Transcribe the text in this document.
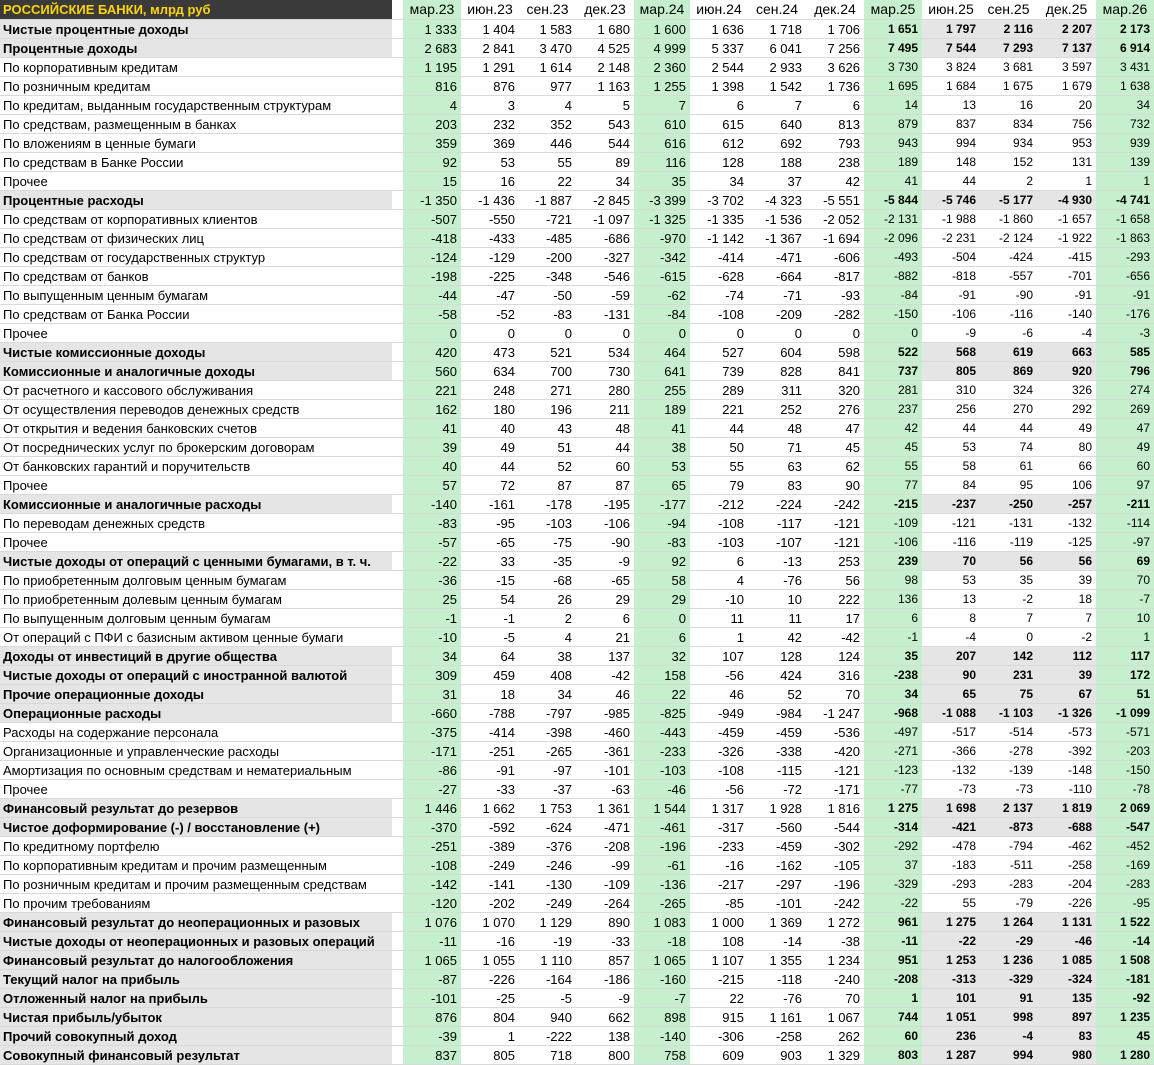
РОССИЙСКИЕ БАНКИ, млрд руб		мар.23	июн.23	сен.23	дек.23	мар.24	июн.24	сен.24	дек.24	мар.25	июн.25	сен.25	дек.25	мар.26
Чистые процентные доходы		1 333	1 404	1 583	1 680	1 600	1 636	1 718	1 706	1 651	1 797	2 116	2 207	2 173
Процентные доходы		2 683	2 841	3 470	4 525	4 999	5 337	6 041	7 256	7 495	7 544	7 293	7 137	6 914
По корпоративным кредитам		1 195	1 291	1 614	2 148	2 360	2 544	2 933	3 626	3 730	3 824	3 681	3 597	3 431
По розничным кредитам		816	876	977	1 163	1 255	1 398	1 542	1 736	1 695	1 684	1 675	1 679	1 638
По кредитам, выданным государственным структурам		4	3	4	5	7	6	7	6	14	13	16	20	34
По средствам, размещенным в банках		203	232	352	543	610	615	640	813	879	837	834	756	732
По вложениям в ценные бумаги		359	369	446	544	616	612	692	793	943	994	934	953	939
По средствам в Банке России		92	53	55	89	116	128	188	238	189	148	152	131	139
Прочее		15	16	22	34	35	34	37	42	41	44	2	1	1
Процентные расходы		-1 350	-1 436	-1 887	-2 845	-3 399	-3 702	-4 323	-5 551	-5 844	-5 746	-5 177	-4 930	-4 741
По средствам от корпоративных клиентов		-507	-550	-721	-1 097	-1 325	-1 335	-1 536	-2 052	-2 131	-1 988	-1 860	-1 657	-1 658
По средствам от физических лиц		-418	-433	-485	-686	-970	-1 142	-1 367	-1 694	-2 096	-2 231	-2 124	-1 922	-1 863
По средствам от государственных структур		-124	-129	-200	-327	-342	-414	-471	-606	-493	-504	-424	-415	-293
По средствам от банков		-198	-225	-348	-546	-615	-628	-664	-817	-882	-818	-557	-701	-656
По выпущенным ценным бумагам		-44	-47	-50	-59	-62	-74	-71	-93	-84	-91	-90	-91	-91
По средствам от Банка России		-58	-52	-83	-131	-84	-108	-209	-282	-150	-106	-116	-140	-176
Прочее		0	0	0	0	0	0	0	0	0	-9	-6	-4	-3
Чистые комиссионные доходы		420	473	521	534	464	527	604	598	522	568	619	663	585
Комиссионные и аналогичные доходы		560	634	700	730	641	739	828	841	737	805	869	920	796
От расчетного и кассового обслуживания		221	248	271	280	255	289	311	320	281	310	324	326	274
От осуществления переводов денежных средств		162	180	196	211	189	221	252	276	237	256	270	292	269
От открытия и ведения банковских счетов		41	40	43	48	41	44	48	47	42	44	44	49	47
От посреднических услуг по брокерским договорам		39	49	51	44	38	50	71	45	45	53	74	80	49
От банковских гарантий и поручительств		40	44	52	60	53	55	63	62	55	58	61	66	60
Прочее		57	72	87	87	65	79	83	90	77	84	95	106	97
Комиссионные и аналогичные расходы		-140	-161	-178	-195	-177	-212	-224	-242	-215	-237	-250	-257	-211
По переводам денежных средств		-83	-95	-103	-106	-94	-108	-117	-121	-109	-121	-131	-132	-114
Прочее		-57	-65	-75	-90	-83	-103	-107	-121	-106	-116	-119	-125	-97
Чистые доходы от операций с ценными бумагами, в т. ч.		-22	33	-35	-9	92	6	-13	253	239	70	56	56	69
По приобретенным долговым ценным бумагам		-36	-15	-68	-65	58	4	-76	56	98	53	35	39	70
По приобретенным долевым ценным бумагам		25	54	26	29	29	-10	10	222	136	13	-2	18	-7
По выпущенным долговым ценным бумагам		-1	-1	2	6	0	11	11	17	6	8	7	7	10
От операций с ПФИ с базисным активом ценные бумаги		-10	-5	4	21	6	1	42	-42	-1	-4	0	-2	1
Доходы от инвестиций в другие общества		34	64	38	137	32	107	128	124	35	207	142	112	117
Чистые доходы от операций с иностранной валютой		309	459	408	-42	158	-56	424	316	-238	90	231	39	172
Прочие операционные доходы		31	18	34	46	22	46	52	70	34	65	75	67	51
Операционные расходы		-660	-788	-797	-985	-825	-949	-984	-1 247	-968	-1 088	-1 103	-1 326	-1 099
Расходы на содержание персонала		-375	-414	-398	-460	-443	-459	-459	-536	-497	-517	-514	-573	-571
Организационные и управленческие расходы		-171	-251	-265	-361	-233	-326	-338	-420	-271	-366	-278	-392	-203
Амортизация по основным средствам и нематериальным		-86	-91	-97	-101	-103	-108	-115	-121	-123	-132	-139	-148	-150
Прочее		-27	-33	-37	-63	-46	-56	-72	-171	-77	-73	-73	-110	-78
Финансовый результат до резервов		1 446	1 662	1 753	1 361	1 544	1 317	1 928	1 816	1 275	1 698	2 137	1 819	2 069
Чистое доформирование (-) / восстановление (+)		-370	-592	-624	-471	-461	-317	-560	-544	-314	-421	-873	-688	-547
По кредитному портфелю		-251	-389	-376	-208	-196	-233	-459	-302	-292	-478	-794	-462	-452
По корпоративным кредитам и прочим размещенным		-108	-249	-246	-99	-61	-16	-162	-105	37	-183	-511	-258	-169
По розничным кредитам и прочим размещенным средствам		-142	-141	-130	-109	-136	-217	-297	-196	-329	-293	-283	-204	-283
По прочим требованиям		-120	-202	-249	-264	-265	-85	-101	-242	-22	55	-79	-226	-95
Финансовый результат до неоперационных и разовых		1 076	1 070	1 129	890	1 083	1 000	1 369	1 272	961	1 275	1 264	1 131	1 522
Чистые доходы от неоперационных и разовых операций		-11	-16	-19	-33	-18	108	-14	-38	-11	-22	-29	-46	-14
Финансовый результат до налогообложения		1 065	1 055	1 110	857	1 065	1 107	1 355	1 234	951	1 253	1 236	1 085	1 508
Текущий налог на прибыль		-87	-226	-164	-186	-160	-215	-118	-240	-208	-313	-329	-324	-181
Отложенный налог на прибыль		-101	-25	-5	-9	-7	22	-76	70	1	101	91	135	-92
Чистая прибыль/убыток		876	804	940	662	898	915	1 161	1 067	744	1 051	998	897	1 235
Прочий совокупный доход		-39	1	-222	138	-140	-306	-258	262	60	236	-4	83	45
Совокупный финансовый результат		837	805	718	800	758	609	903	1 329	803	1 287	994	980	1 280
